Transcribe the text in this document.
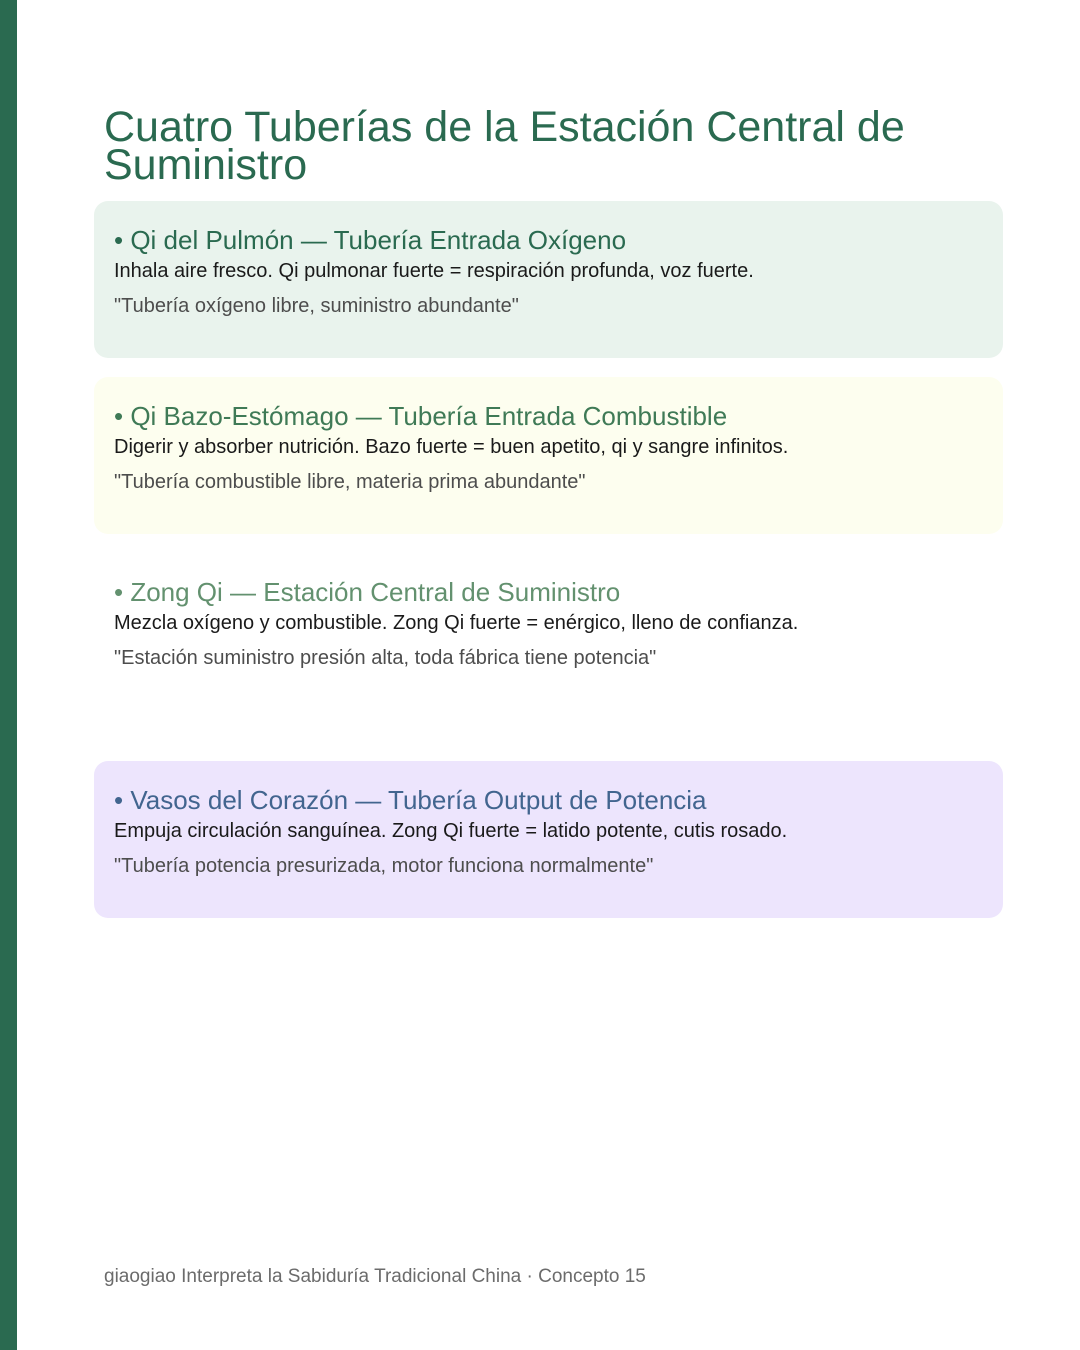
Cuatro Tuberías de la Estación Central de Suministro
• Qi del Pulmón — Tubería Entrada Oxígeno

Inhala aire fresco. Qi pulmonar fuerte = respiración profunda, voz fuerte.

"Tubería oxígeno libre, suministro abundante"

• Qi Bazo-Estómago — Tubería Entrada Combustible

Digerir y absorber nutrición. Bazo fuerte = buen apetito, qi y sangre infinitos.

"Tubería combustible libre, materia prima abundante"

• Zong Qi — Estación Central de Suministro

Mezcla oxígeno y combustible. Zong Qi fuerte = enérgico, lleno de confianza.

"Estación suministro presión alta, toda fábrica tiene potencia"

• Vasos del Corazón — Tubería Output de Potencia

Empuja circulación sanguínea. Zong Qi fuerte = latido potente, cutis rosado.

"Tubería potencia presurizada, motor funciona normalmente"

giaogiao Interpreta la Sabiduría Tradicional China · Concepto 15
